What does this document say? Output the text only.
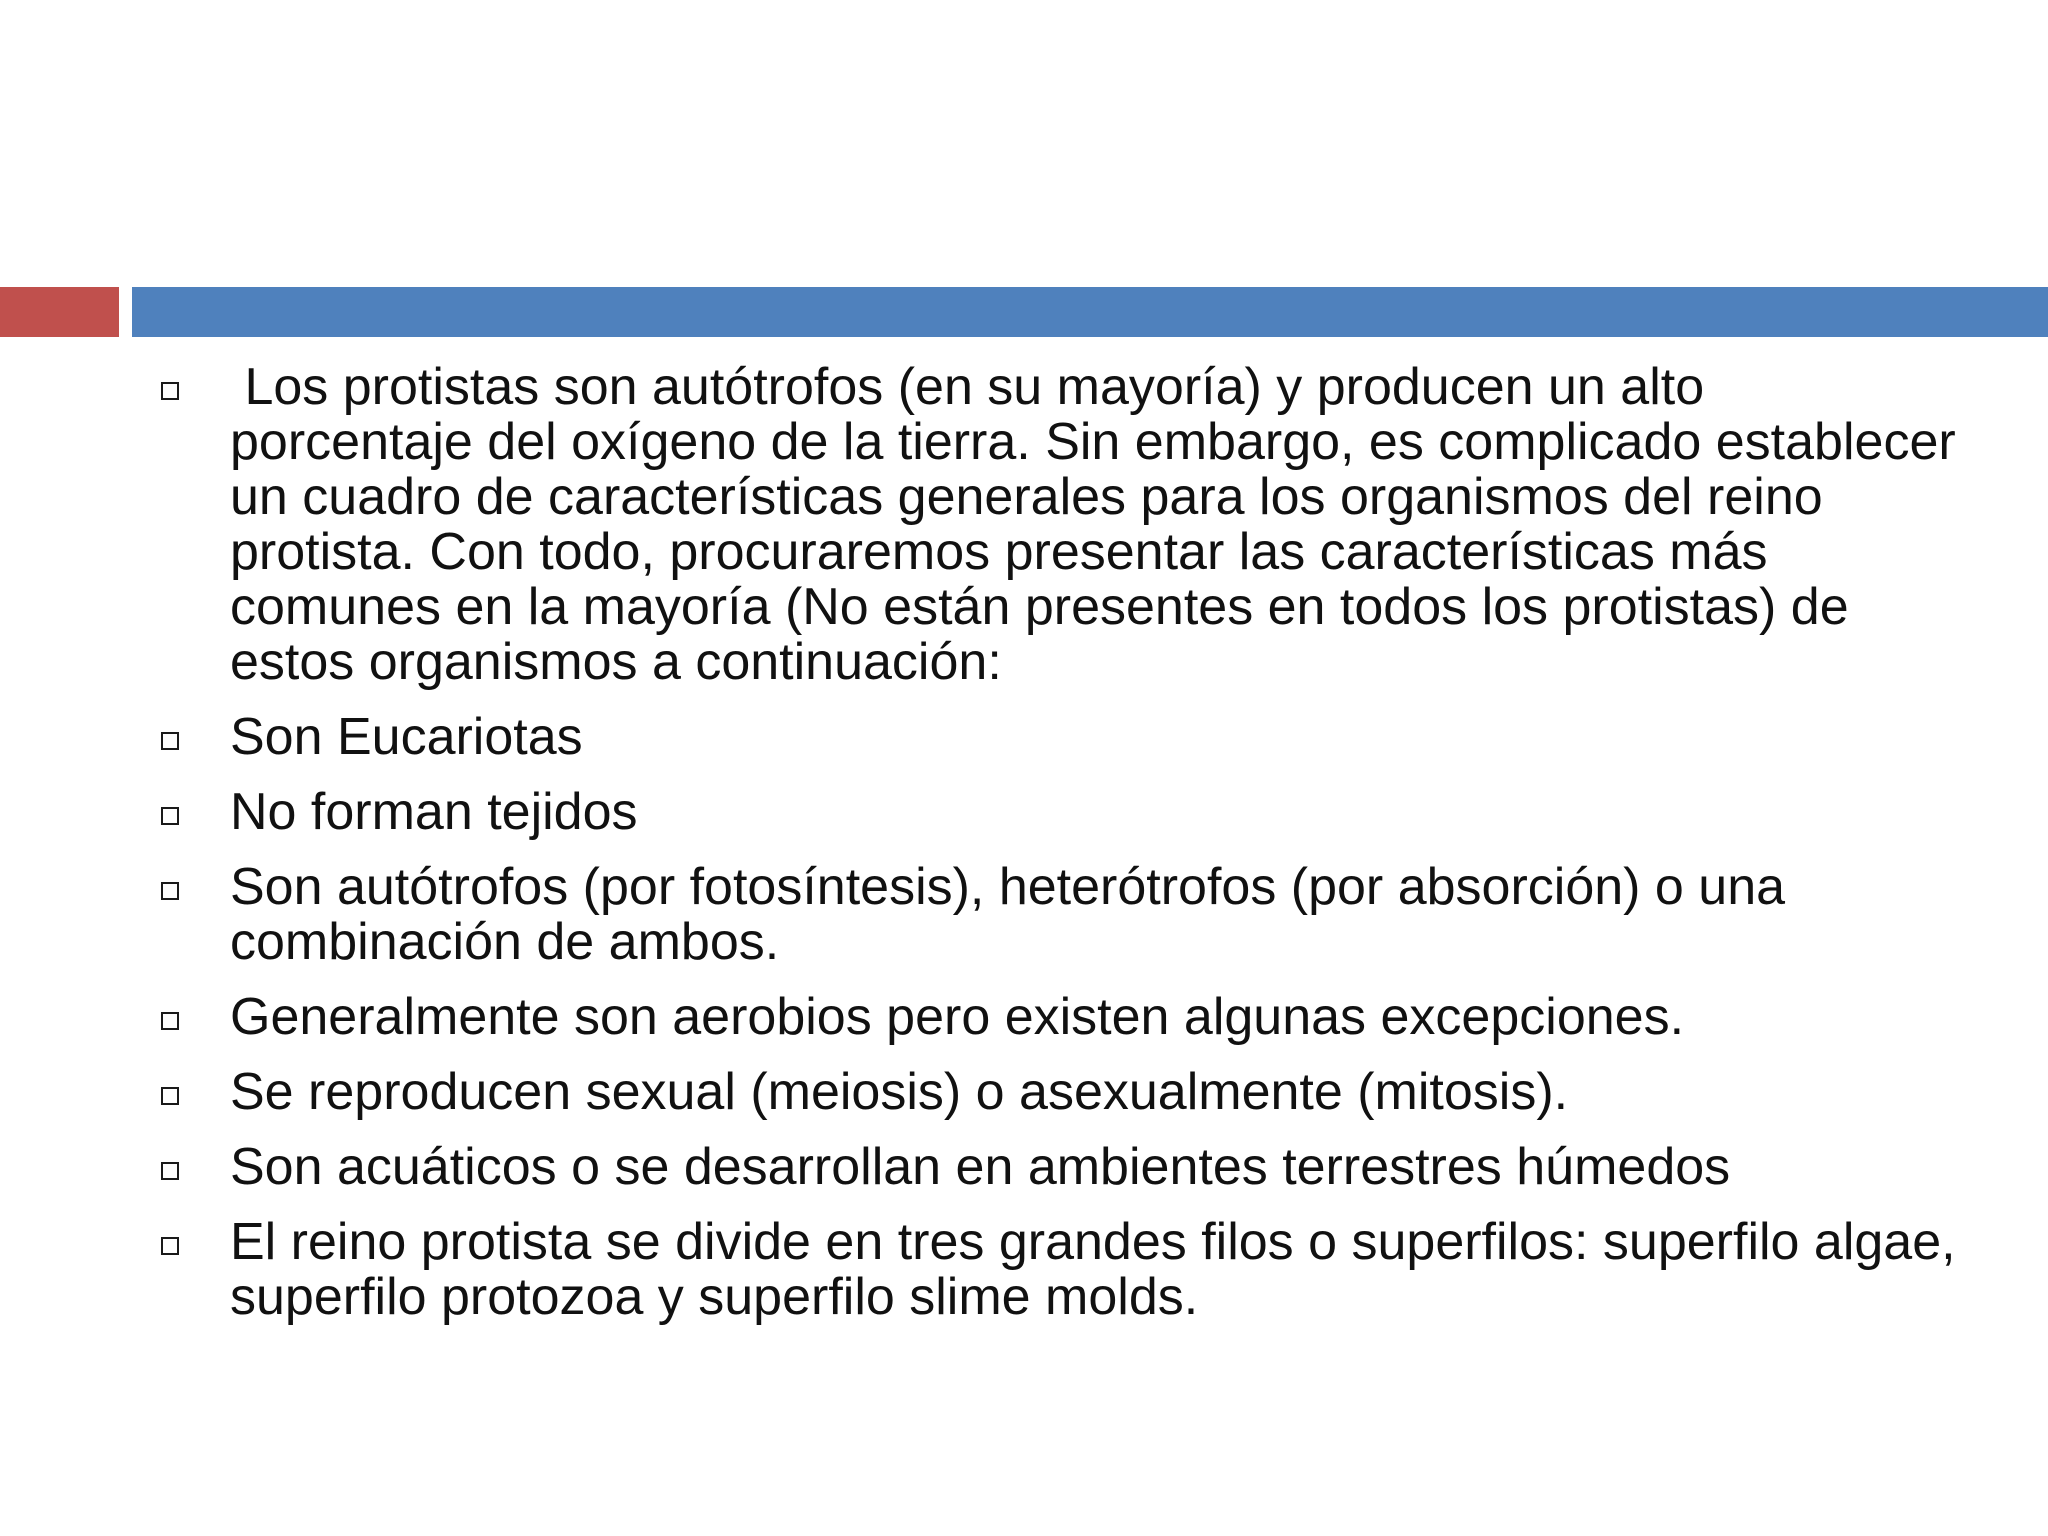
Los protistas son autótrofos (en su mayoría) y producen un alto porcentaje del oxígeno de la tierra. Sin embargo, es complicado establecer un cuadro de características generales para los organismos del reino protista. Con todo, procuraremos presentar las características más comunes en la mayoría (No están presentes en todos los protistas) de estos organismos a continuación:
Son Eucariotas
No forman tejidos
Son autótrofos (por fotosíntesis), heterótrofos (por absorción) o una combinación de ambos.
Generalmente son aerobios pero existen algunas excepciones.
Se reproducen sexual (meiosis) o asexualmente (mitosis).
Son acuáticos o se desarrollan en ambientes terrestres húmedos
El reino protista se divide en tres grandes filos o superfilos: superfilo algae, superfilo protozoa y superfilo slime molds.
